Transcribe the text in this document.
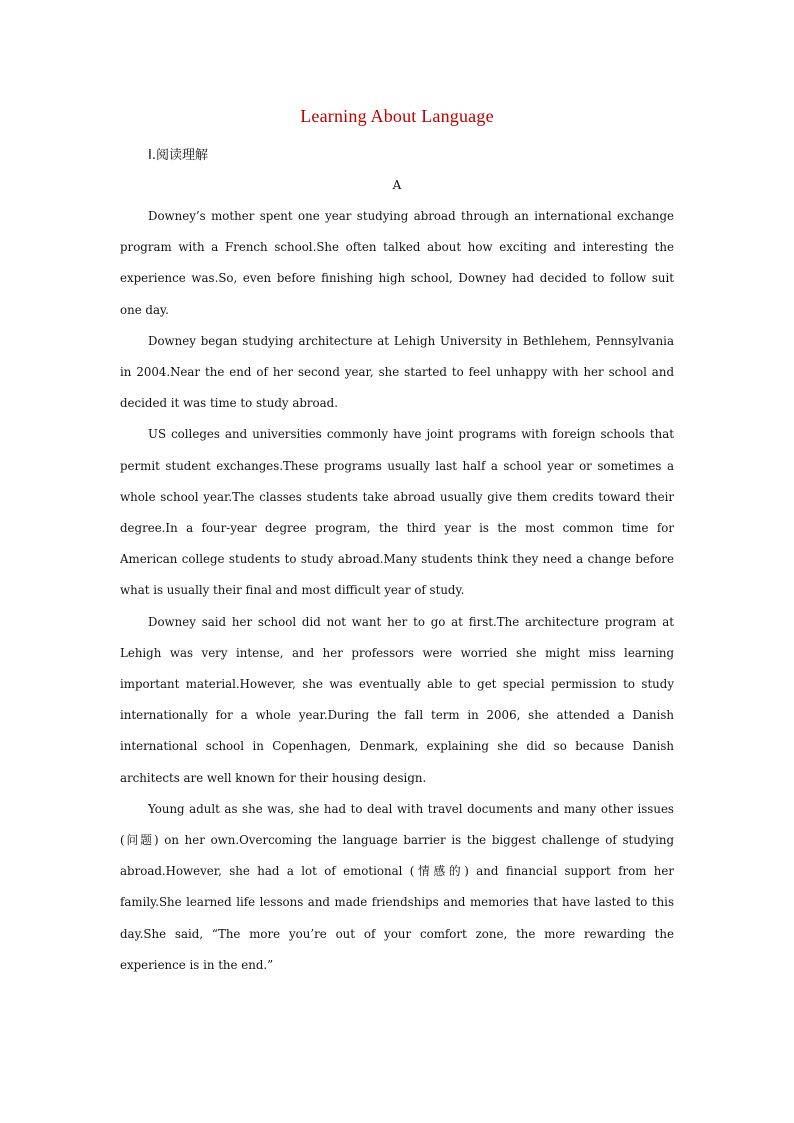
Learning About Language
Ⅰ.阅读理解
A

Downey’s mother spent one year studying abroad through an international exchange program with a French school.She often talked about how exciting and interesting the experience was.So, even before finishing high school, Downey had decided to follow suit one day.

Downey began studying architecture at Lehigh University in Bethlehem, Pennsylvania in 2004.Near the end of her second year, she started to feel unhappy with her school and decided it was time to study abroad.

US colleges and universities commonly have joint programs with foreign schools that permit student exchanges.These programs usually last half a school year or sometimes a whole school year.The classes students take abroad usually give them credits toward their degree.In a four-year degree program, the third year is the most common time for American college students to study abroad.Many students think they need a change before what is usually their final and most difficult year of study.

Downey said her school did not want her to go at first.The architecture program at Lehigh was very intense, and her professors were worried she might miss learning important material.However, she was eventually able to get special permission to study internationally for a whole year.During the fall term in 2006, she attended a Danish international school in Copenhagen, Denmark, explaining she did so because Danish architects are well known for their housing design.

Young adult as she was, she had to deal with travel documents and many other issues (问题) on her own.Overcoming the language barrier is the biggest challenge of studying abroad.However, she had a lot of emotional (情感的) and financial support from her family.She learned life lessons and made friendships and memories that have lasted to this day.She said, “The more you’re out of your comfort zone, the more rewarding the experience is in the end.”
